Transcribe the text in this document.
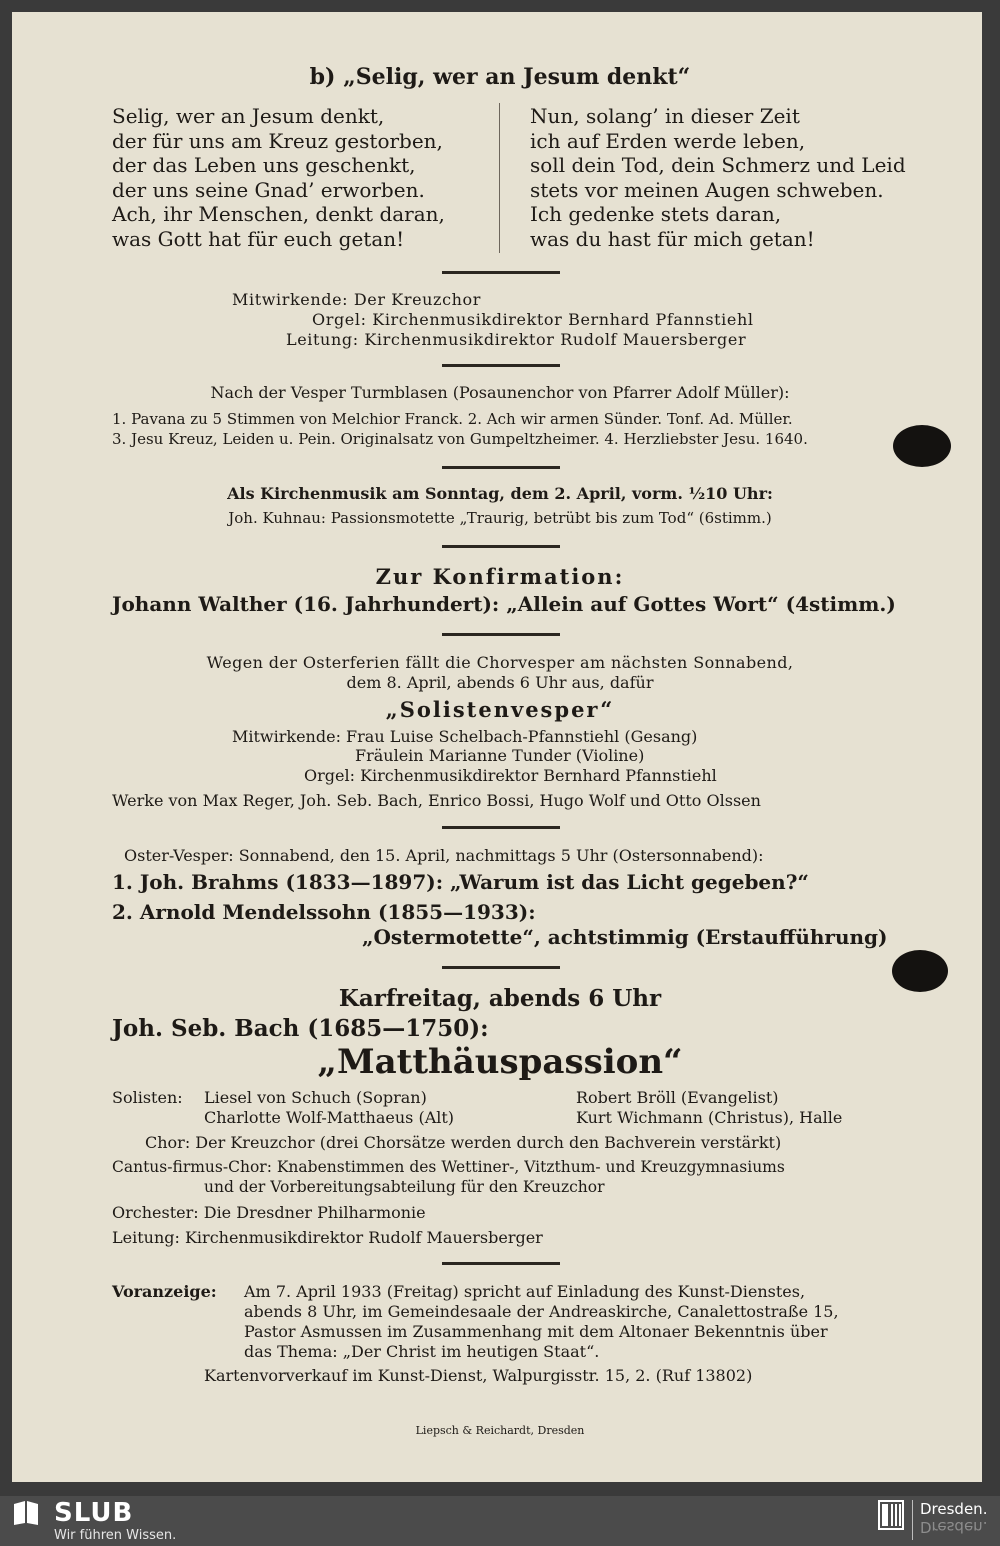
b) „Selig, wer an Jesum denkt“
Selig, wer an Jesum denkt,
der für uns am Kreuz gestorben,
der das Leben uns geschenkt,
der uns seine Gnad’ erworben.
Ach, ihr Menschen, denkt daran,
was Gott hat für euch getan!
Nun, solang’ in dieser Zeit
ich auf Erden werde leben,
soll dein Tod, dein Schmerz und Leid
stets vor meinen Augen schweben.
Ich gedenke stets daran,
was du hast für mich getan!
Mitwirkende: Der Kreuzchor
Orgel: Kirchenmusikdirektor Bernhard Pfannstiehl
Leitung: Kirchenmusikdirektor Rudolf Mauersberger
Nach der Vesper Turmblasen (Posaunenchor von Pfarrer Adolf Müller):
1. Pavana zu 5 Stimmen von Melchior Franck. 2. Ach wir armen Sünder. Tonf. Ad. Müller.
3. Jesu Kreuz, Leiden u. Pein. Originalsatz von Gumpeltzheimer. 4. Herzliebster Jesu. 1640.
Als Kirchenmusik am Sonntag, dem 2. April, vorm. ½10 Uhr:
Joh. Kuhnau: Passionsmotette „Traurig, betrübt bis zum Tod“ (6stimm.)
Zur Konfirmation:
Johann Walther (16. Jahrhundert): „Allein auf Gottes Wort“ (4stimm.)
Wegen der Osterferien fällt die Chorvesper am nächsten Sonnabend,
dem 8. April, abends 6 Uhr aus, dafür
„Solistenvesper“
Mitwirkende: Frau Luise Schelbach-Pfannstiehl (Gesang)
Fräulein Marianne Tunder (Violine)
Orgel: Kirchenmusikdirektor Bernhard Pfannstiehl
Werke von Max Reger, Joh. Seb. Bach, Enrico Bossi, Hugo Wolf und Otto Olssen
Oster-Vesper: Sonnabend, den 15. April, nachmittags 5 Uhr (Ostersonnabend):
1. Joh. Brahms (1833—1897): „Warum ist das Licht gegeben?“
2. Arnold Mendelssohn (1855—1933):
„Ostermotette“, achtstimmig (Erstaufführung)
Karfreitag, abends 6 Uhr
Joh. Seb. Bach (1685—1750):
„Matthäuspassion“
Solisten: Liesel von Schuch (Sopran)
Charlotte Wolf-Matthaeus (Alt)
Robert Bröll (Evangelist)
Kurt Wichmann (Christus), Halle
Chor: Der Kreuzchor (drei Chorsätze werden durch den Bachverein verstärkt)
Cantus-firmus-Chor: Knabenstimmen des Wettiner-, Vitzthum- und Kreuzgymnasiums
und der Vorbereitungsabteilung für den Kreuzchor
Orchester: Die Dresdner Philharmonie
Leitung: Kirchenmusikdirektor Rudolf Mauersberger
Voranzeige: Am 7. April 1933 (Freitag) spricht auf Einladung des Kunst-Dienstes,
abends 8 Uhr, im Gemeindesaale der Andreaskirche, Canalettostraße 15,
Pastor Asmussen im Zusammenhang mit dem Altonaer Bekenntnis über
das Thema: „Der Christ im heutigen Staat“.
Kartenvorverkauf im Kunst-Dienst, Walpurgisstr. 15, 2. (Ruf 13802)
Liepsch & Reichardt, Dresden
SLUB
Wir führen Wissen.
Dresden.
Dresden.
